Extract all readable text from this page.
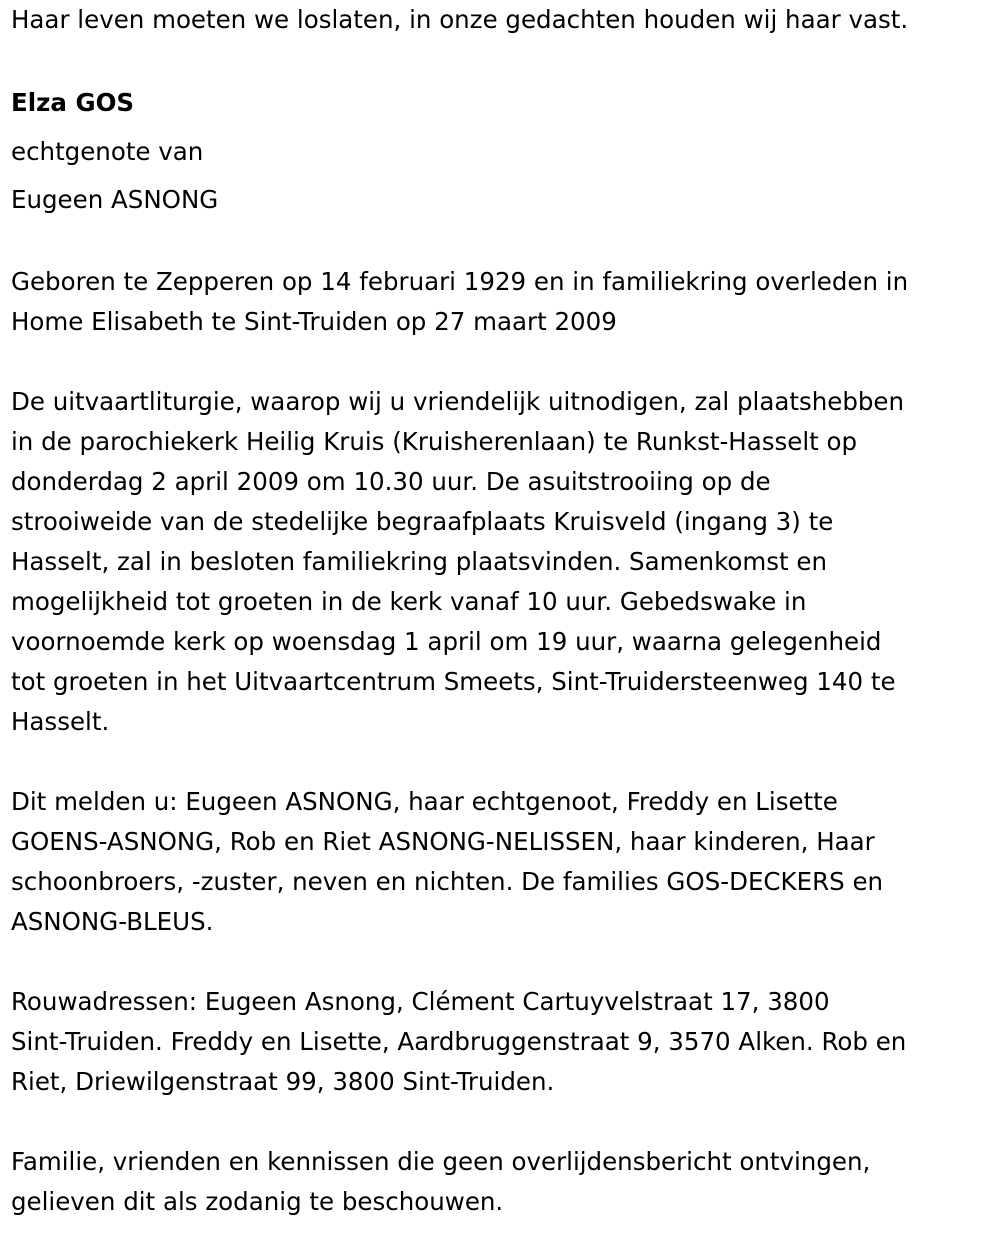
Haar leven moeten we loslaten, in onze gedachten houden wij haar vast.
Elza GOS
echtgenote van
Eugeen ASNONG
Geboren te Zepperen op 14 februari 1929 en in familiekring overleden in
Home Elisabeth te Sint-Truiden op 27 maart 2009
De uitvaartliturgie, waarop wij u vriendelijk uitnodigen, zal plaatshebben
in de parochiekerk Heilig Kruis (Kruisherenlaan) te Runkst-Hasselt op
donderdag 2 april 2009 om 10.30 uur. De asuitstrooiing op de
strooiweide van de stedelijke begraafplaats Kruisveld (ingang 3) te
Hasselt, zal in besloten familiekring plaatsvinden. Samenkomst en
mogelijkheid tot groeten in de kerk vanaf 10 uur. Gebedswake in
voornoemde kerk op woensdag 1 april om 19 uur, waarna gelegenheid
tot groeten in het Uitvaartcentrum Smeets, Sint-Truidersteenweg 140 te
Hasselt.
Dit melden u: Eugeen ASNONG, haar echtgenoot, Freddy en Lisette
GOENS-ASNONG, Rob en Riet ASNONG-NELISSEN, haar kinderen, Haar
schoonbroers, -zuster, neven en nichten. De families GOS-DECKERS en
ASNONG-BLEUS.
Rouwadressen: Eugeen Asnong, Clément Cartuyvelstraat 17, 3800
Sint-Truiden. Freddy en Lisette, Aardbruggenstraat 9, 3570 Alken. Rob en
Riet, Driewilgenstraat 99, 3800 Sint-Truiden.
Familie, vrienden en kennissen die geen overlijdensbericht ontvingen,
gelieven dit als zodanig te beschouwen.
